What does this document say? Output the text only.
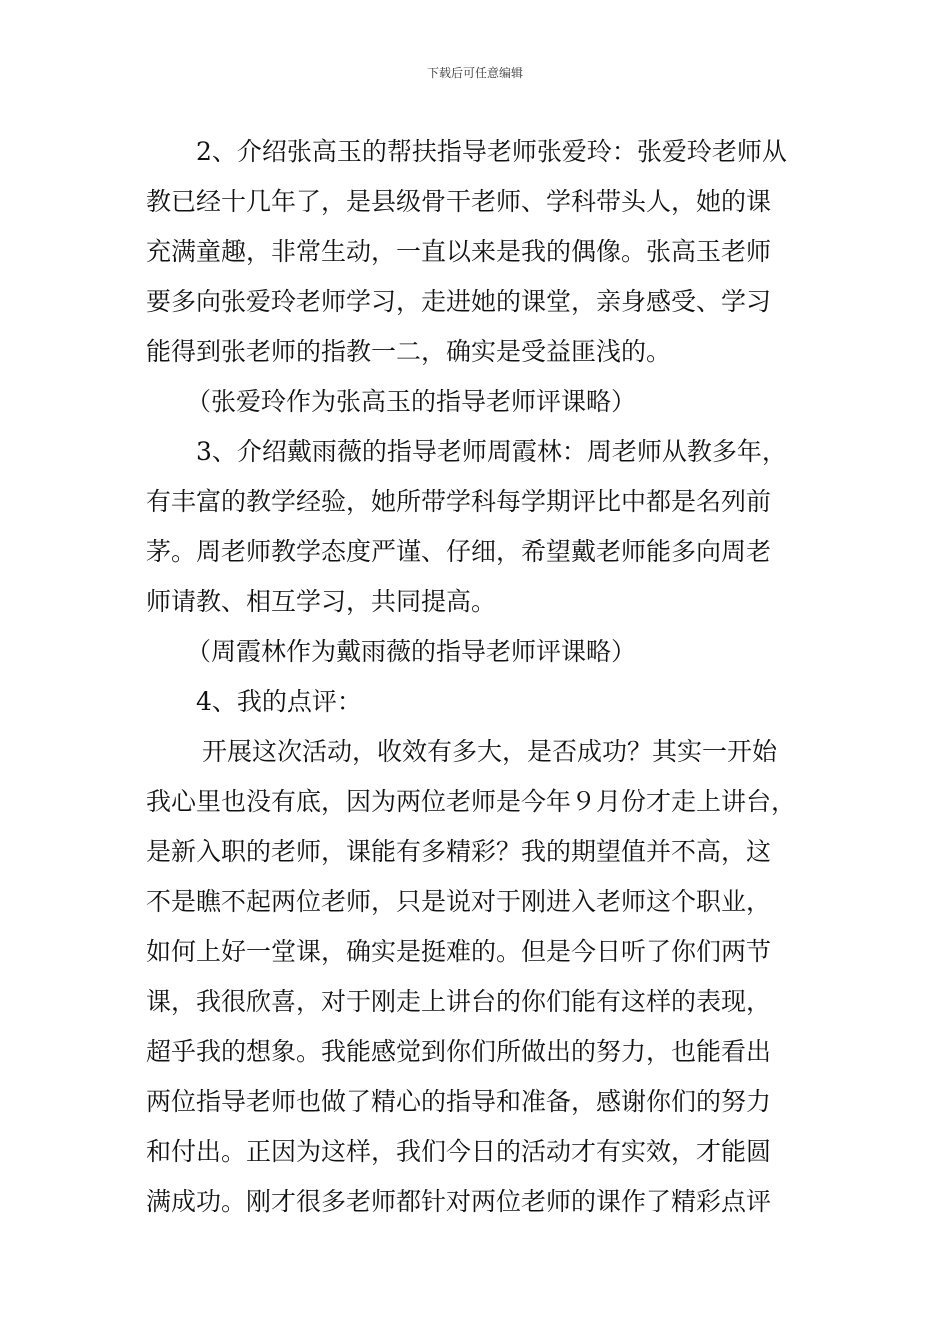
下载后可任意编辑
2、介绍张高玉的帮扶指导老师张爱玲：张爱玲老师从
教已经十几年了，是县级骨干老师、学科带头人，她的课
充满童趣，非常生动，一直以来是我的偶像。张高玉老师
要多向张爱玲老师学习，走进她的课堂，亲身感受、学习
能得到张老师的指教一二，确实是受益匪浅的。
（张爱玲作为张高玉的指导老师评课略）
3、介绍戴雨薇的指导老师周霞林：周老师从教多年，
有丰富的教学经验，她所带学科每学期评比中都是名列前
茅。周老师教学态度严谨、仔细，希望戴老师能多向周老
师请教、相互学习，共同提高。
（周霞林作为戴雨薇的指导老师评课略）
4、我的点评：
开展这次活动，收效有多大，是否成功？其实一开始
我心里也没有底，因为两位老师是今年９月份才走上讲台，
是新入职的老师，课能有多精彩？我的期望值并不高，这
不是瞧不起两位老师，只是说对于刚进入老师这个职业，
如何上好一堂课，确实是挺难的。但是今日听了你们两节
课，我很欣喜，对于刚走上讲台的你们能有这样的表现，
超乎我的想象。我能感觉到你们所做出的努力，也能看出
两位指导老师也做了精心的指导和准备，感谢你们的努力
和付出。正因为这样，我们今日的活动才有实效，才能圆
满成功。刚才很多老师都针对两位老师的课作了精彩点评
